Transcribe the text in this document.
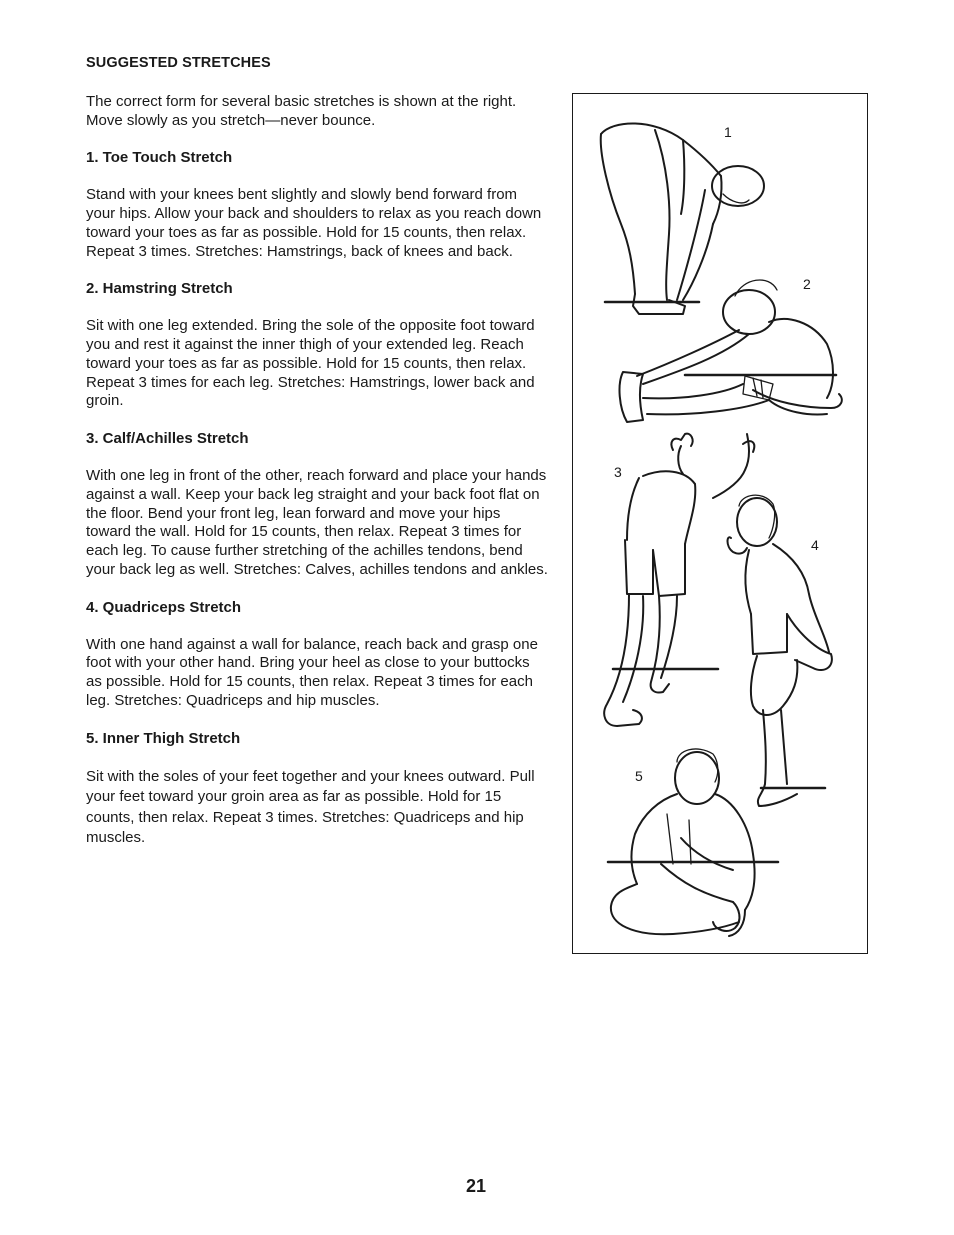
SUGGESTED STRETCHES

The correct form for several basic stretches is shown at the right. Move slowly as you stretch—never bounce.

1. Toe Touch Stretch

Stand with your knees bent slightly and slowly bend forward from your hips. Allow your back and shoulders to relax as you reach down toward your toes as far as possible. Hold for 15 counts, then relax. Repeat 3 times. Stretches: Hamstrings, back of knees and back.

2. Hamstring Stretch

Sit with one leg extended. Bring the sole of the opposite foot toward you and rest it against the inner thigh of your extended leg. Reach toward your toes as far as possible. Hold for 15 counts, then relax. Repeat 3 times for each leg. Stretches: Hamstrings, lower back and groin.

3. Calf/Achilles Stretch

With one leg in front of the other, reach forward and place your hands against a wall. Keep your back leg straight and your back foot flat on the floor. Bend your front leg, lean forward and move your hips toward the wall. Hold for 15 counts, then relax. Repeat 3 times for each leg. To cause further stretching of the achilles tendons, bend your back leg as well. Stretches: Calves, achilles tendons and ankles.

4. Quadriceps Stretch

With one hand against a wall for balance, reach back and grasp one foot with your other hand. Bring your heel as close to your buttocks as possible. Hold for 15 counts, then relax. Repeat 3 times for each leg. Stretches: Quadriceps and hip muscles.

5. Inner Thigh Stretch

Sit with the soles of your feet together and your knees outward. Pull your feet toward your groin area as far as possible. Hold for 15 counts, then relax. Repeat 3 times. Stretches: Quadriceps and hip muscles.

1
2
3
4
5
21
